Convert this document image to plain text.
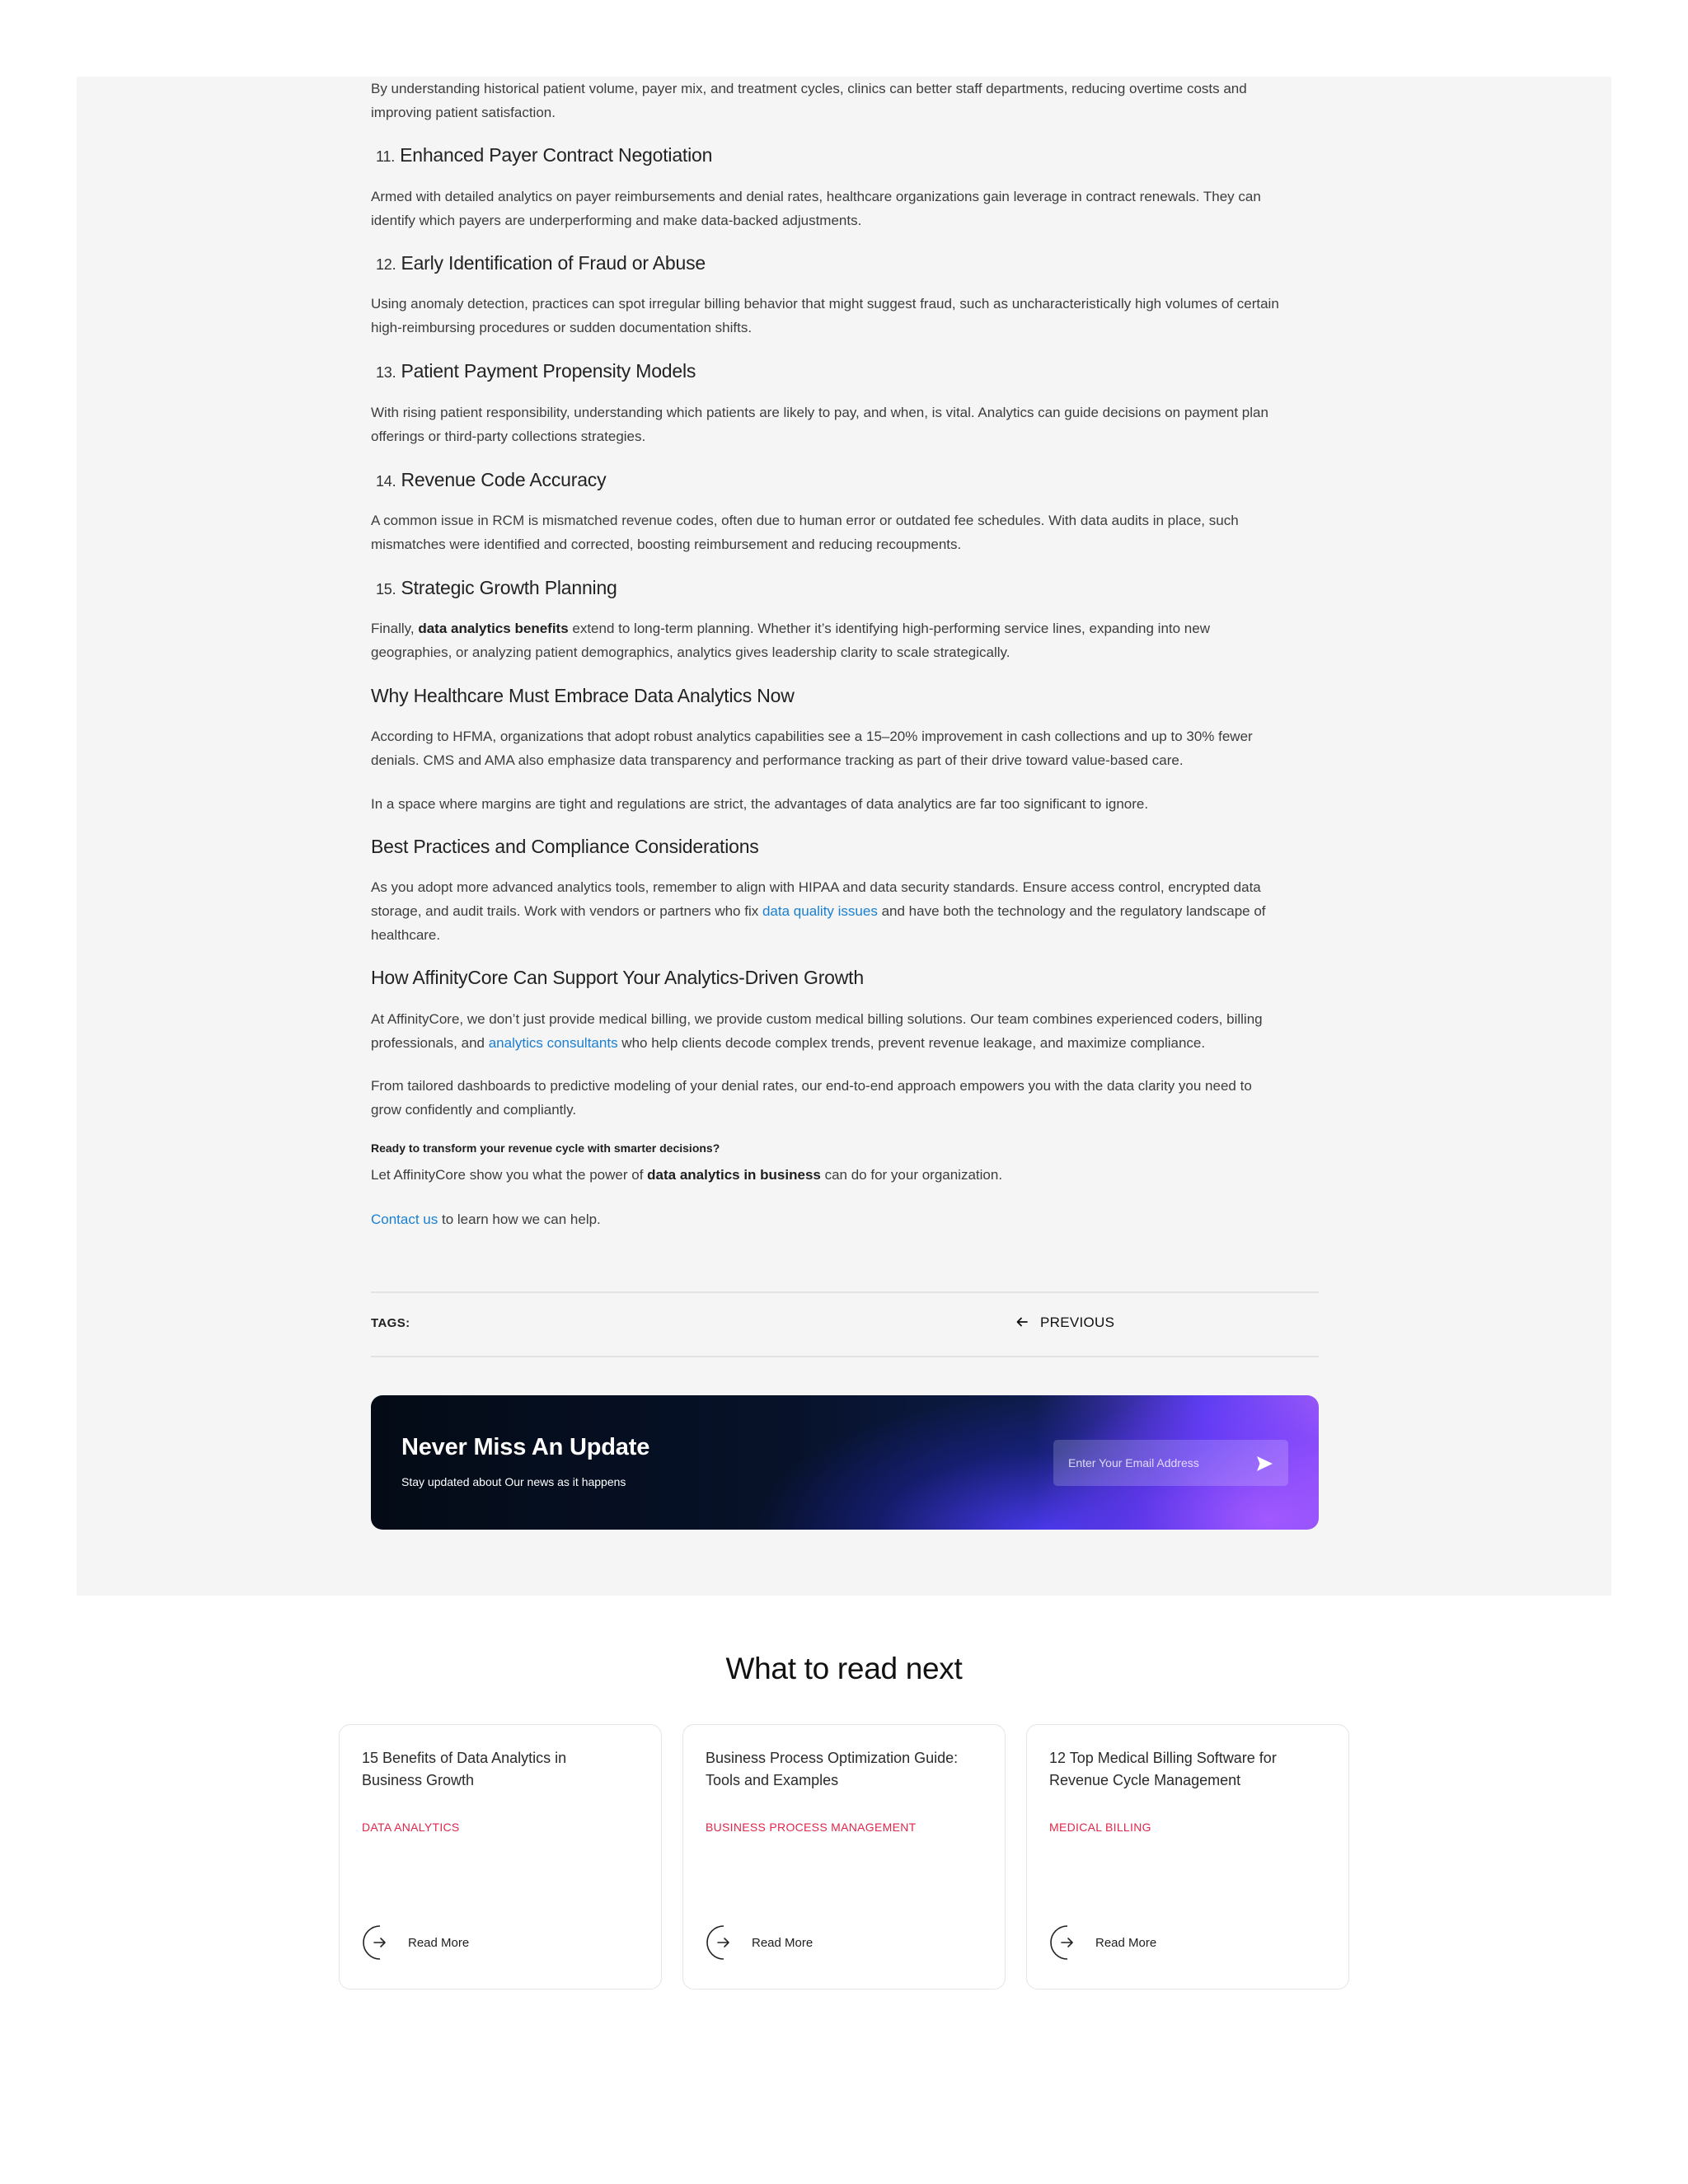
By understanding historical patient volume, payer mix, and treatment cycles, clinics can better staff departments, reducing overtime costs and
improving patient satisfaction.
11. Enhanced Payer Contract Negotiation
Armed with detailed analytics on payer reimbursements and denial rates, healthcare organizations gain leverage in contract renewals. They can
identify which payers are underperforming and make data-backed adjustments.
12. Early Identification of Fraud or Abuse
Using anomaly detection, practices can spot irregular billing behavior that might suggest fraud, such as uncharacteristically high volumes of certain
high-reimbursing procedures or sudden documentation shifts.
13. Patient Payment Propensity Models
With rising patient responsibility, understanding which patients are likely to pay, and when, is vital. Analytics can guide decisions on payment plan
offerings or third-party collections strategies.
14. Revenue Code Accuracy
A common issue in RCM is mismatched revenue codes, often due to human error or outdated fee schedules. With data audits in place, such
mismatches were identified and corrected, boosting reimbursement and reducing recoupments.
15. Strategic Growth Planning
Finally, data analytics benefits extend to long-term planning. Whether it’s identifying high-performing service lines, expanding into new
geographies, or analyzing patient demographics, analytics gives leadership clarity to scale strategically.
Why Healthcare Must Embrace Data Analytics Now
According to HFMA, organizations that adopt robust analytics capabilities see a 15–20% improvement in cash collections and up to 30% fewer
denials. CMS and AMA also emphasize data transparency and performance tracking as part of their drive toward value-based care.
In a space where margins are tight and regulations are strict, the advantages of data analytics are far too significant to ignore.
Best Practices and Compliance Considerations
As you adopt more advanced analytics tools, remember to align with HIPAA and data security standards. Ensure access control, encrypted data
storage, and audit trails. Work with vendors or partners who fix data quality issues and have both the technology and the regulatory landscape of
healthcare.
How AffinityCore Can Support Your Analytics-Driven Growth
At AffinityCore, we don’t just provide medical billing, we provide custom medical billing solutions. Our team combines experienced coders, billing
professionals, and analytics consultants who help clients decode complex trends, prevent revenue leakage, and maximize compliance.
From tailored dashboards to predictive modeling of your denial rates, our end-to-end approach empowers you with the data clarity you need to
grow confidently and compliantly.
Ready to transform your revenue cycle with smarter decisions?
Let AffinityCore show you what the power of data analytics in business can do for your organization.
Contact us to learn how we can help.
TAGS:	PREVIOUS
Never Miss An Update
Stay updated about Our news as it happens
Enter Your Email Address
What to read next
15 Benefits of Data Analytics in Business Growth
DATA ANALYTICS
Read More
Business Process Optimization Guide: Tools and Examples
BUSINESS PROCESS MANAGEMENT
Read More
12 Top Medical Billing Software for Revenue Cycle Management
MEDICAL BILLING
Read More
